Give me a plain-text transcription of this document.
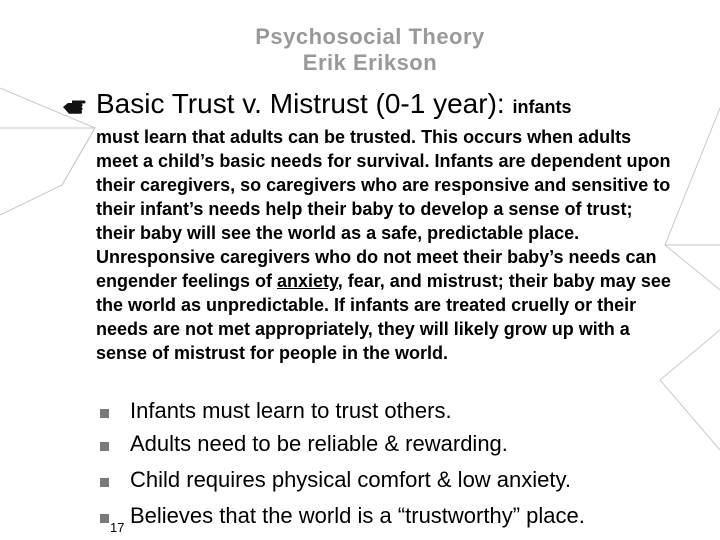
Psychosocial Theory
Erik Erikson
Basic Trust v. Mistrust (0-1 year): infants

must learn that adults can be trusted. This occurs when adults meet a child’s basic needs for survival. Infants are dependent upon their caregivers, so caregivers who are responsive and sensitive to their infant’s needs help their baby to develop a sense of trust; their baby will see the world as a safe, predictable place. Unresponsive caregivers who do not meet their baby’s needs can engender feelings of anxiety, fear, and mistrust; their baby may see the world as unpredictable. If infants are treated cruelly or their needs are not met appropriately, they will likely grow up with a sense of mistrust for people in the world.

Infants must learn to trust others.
Adults need to be reliable & rewarding.
Child requires physical comfort & low anxiety.
Believes that the world is a “trustworthy” place.
17
